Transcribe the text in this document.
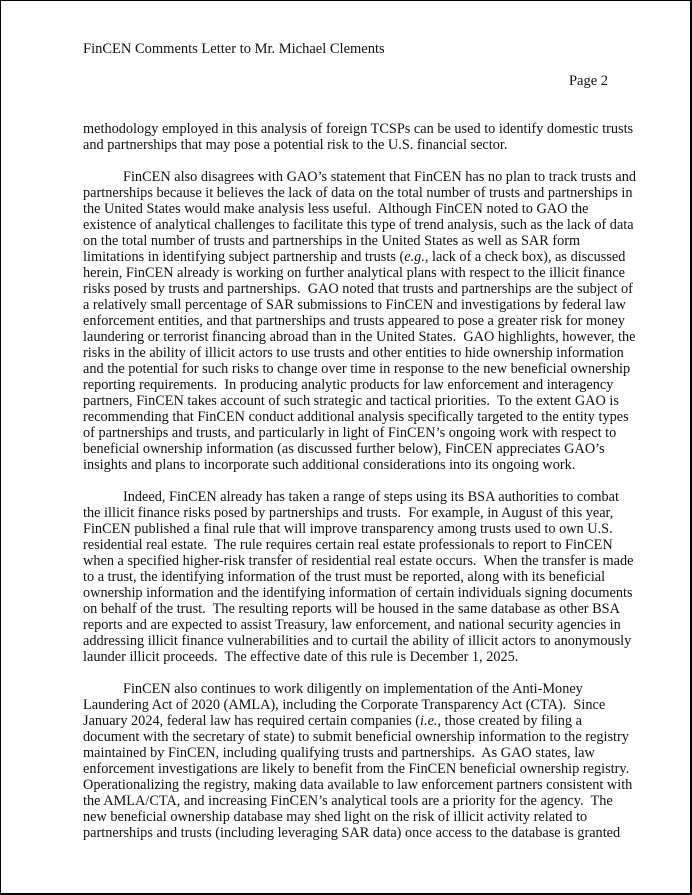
FinCEN Comments Letter to Mr. Michael Clements
Page 2

methodology employed in this analysis of foreign TCSPs can be used to identify domestic trusts
and partnerships that may pose a potential risk to the U.S. financial sector.

FinCEN also disagrees with GAO’s statement that FinCEN has no plan to track trusts and
partnerships because it believes the lack of data on the total number of trusts and partnerships in
the United States would make analysis less useful.  Although FinCEN noted to GAO the
existence of analytical challenges to facilitate this type of trend analysis, such as the lack of data
on the total number of trusts and partnerships in the United States as well as SAR form
limitations in identifying subject partnership and trusts (e.g., lack of a check box), as discussed
herein, FinCEN already is working on further analytical plans with respect to the illicit finance
risks posed by trusts and partnerships.  GAO noted that trusts and partnerships are the subject of
a relatively small percentage of SAR submissions to FinCEN and investigations by federal law
enforcement entities, and that partnerships and trusts appeared to pose a greater risk for money
laundering or terrorist financing abroad than in the United States.  GAO highlights, however, the
risks in the ability of illicit actors to use trusts and other entities to hide ownership information
and the potential for such risks to change over time in response to the new beneficial ownership
reporting requirements.  In producing analytic products for law enforcement and interagency
partners, FinCEN takes account of such strategic and tactical priorities.  To the extent GAO is
recommending that FinCEN conduct additional analysis specifically targeted to the entity types
of partnerships and trusts, and particularly in light of FinCEN’s ongoing work with respect to
beneficial ownership information (as discussed further below), FinCEN appreciates GAO’s
insights and plans to incorporate such additional considerations into its ongoing work.

Indeed, FinCEN already has taken a range of steps using its BSA authorities to combat
the illicit finance risks posed by partnerships and trusts.  For example, in August of this year,
FinCEN published a final rule that will improve transparency among trusts used to own U.S.
residential real estate.  The rule requires certain real estate professionals to report to FinCEN
when a specified higher-risk transfer of residential real estate occurs.  When the transfer is made
to a trust, the identifying information of the trust must be reported, along with its beneficial
ownership information and the identifying information of certain individuals signing documents
on behalf of the trust.  The resulting reports will be housed in the same database as other BSA
reports and are expected to assist Treasury, law enforcement, and national security agencies in
addressing illicit finance vulnerabilities and to curtail the ability of illicit actors to anonymously
launder illicit proceeds.  The effective date of this rule is December 1, 2025.

FinCEN also continues to work diligently on implementation of the Anti-Money
Laundering Act of 2020 (AMLA), including the Corporate Transparency Act (CTA).  Since
January 2024, federal law has required certain companies (i.e., those created by filing a
document with the secretary of state) to submit beneficial ownership information to the registry
maintained by FinCEN, including qualifying trusts and partnerships.  As GAO states, law
enforcement investigations are likely to benefit from the FinCEN beneficial ownership registry.
Operationalizing the registry, making data available to law enforcement partners consistent with
the AMLA/CTA, and increasing FinCEN’s analytical tools are a priority for the agency.  The
new beneficial ownership database may shed light on the risk of illicit activity related to
partnerships and trusts (including leveraging SAR data) once access to the database is granted
